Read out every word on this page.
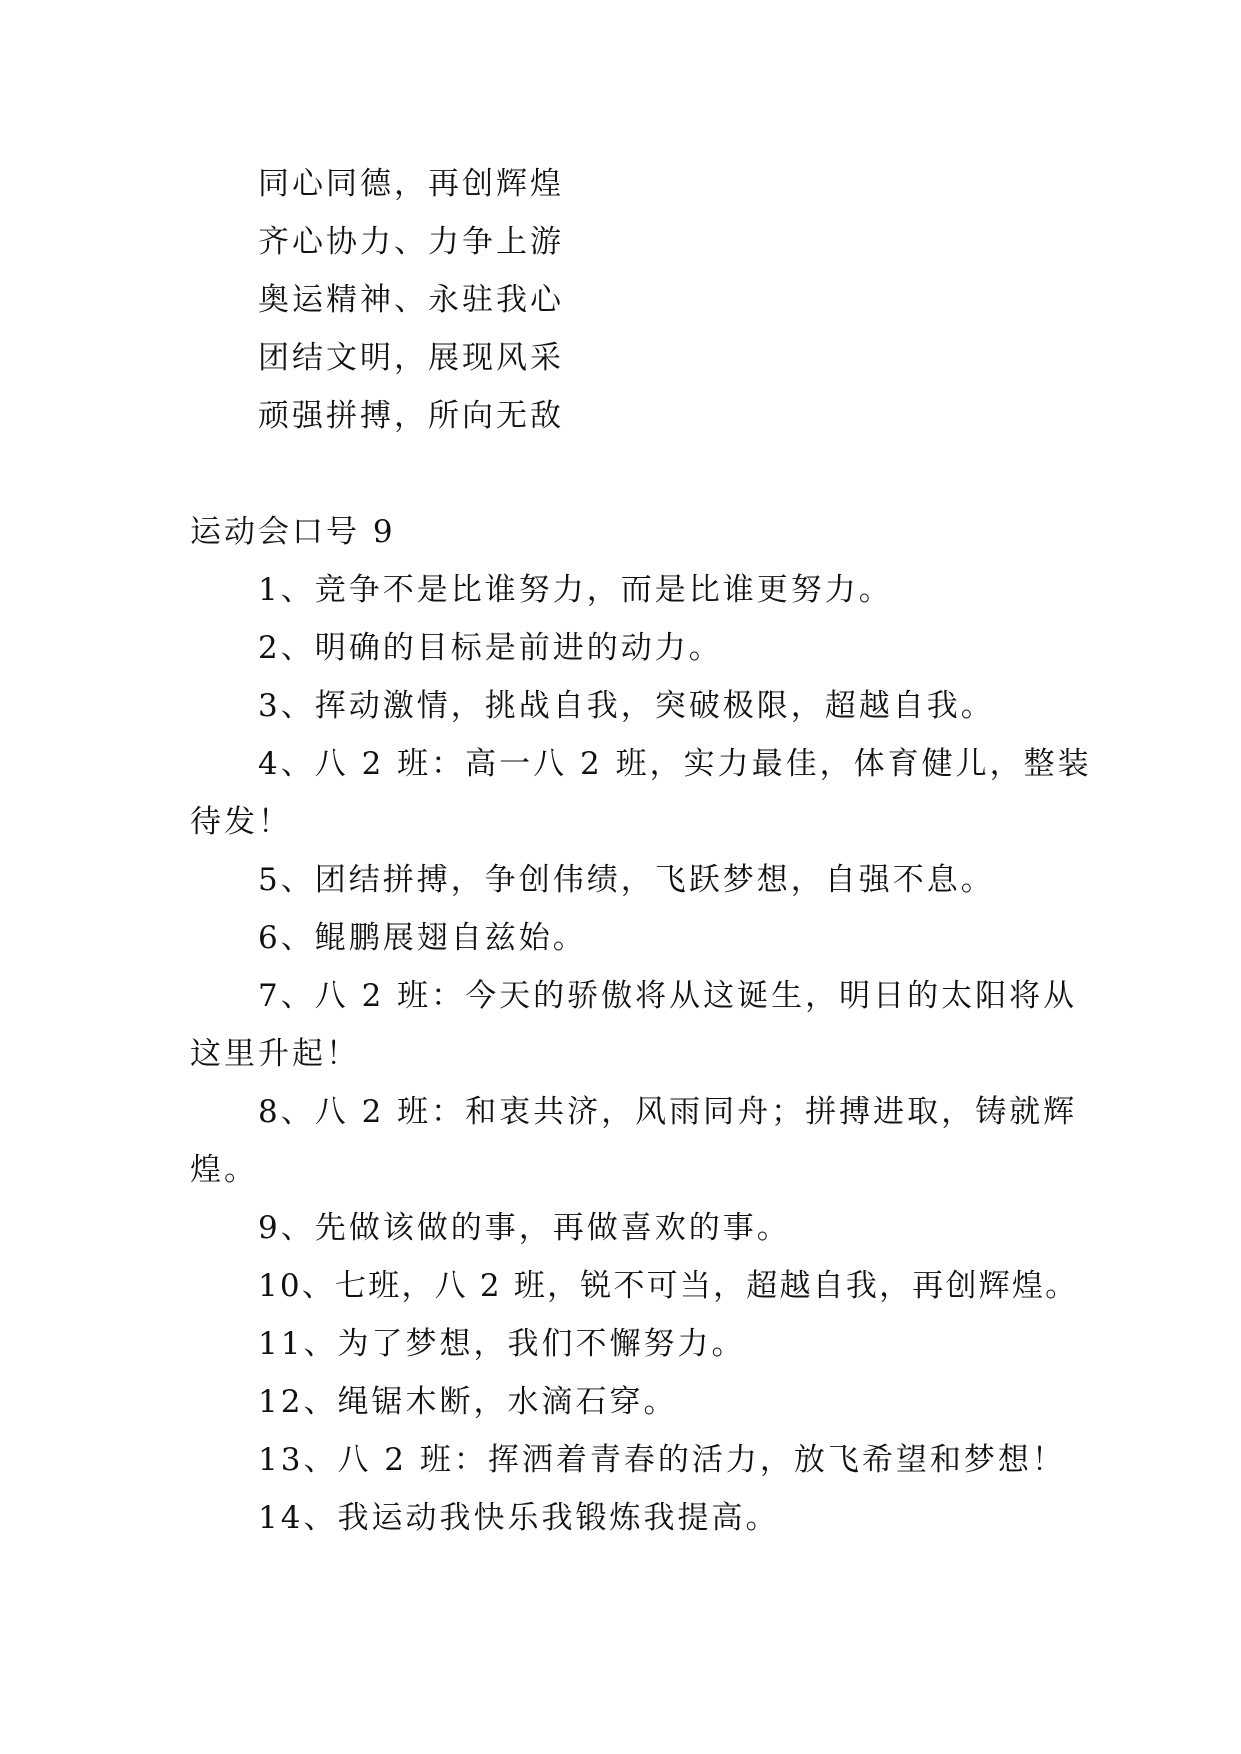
同心同德，再创辉煌
齐心协力、力争上游
奥运精神、永驻我心
团结文明，展现风采
顽强拼搏，所向无敌
运动会口号 9
1、竞争不是比谁努力，而是比谁更努力。
2、明确的目标是前进的动力。
3、挥动激情，挑战自我，突破极限，超越自我。
4、八 2 班：高一八 2 班，实力最佳，体育健儿，整装
待发！
5、团结拼搏，争创伟绩，飞跃梦想，自强不息。
6、鲲鹏展翅自兹始。
7、八 2 班：今天的骄傲将从这诞生，明日的太阳将从
这里升起！
8、八 2 班：和衷共济，风雨同舟；拼搏进取，铸就辉
煌。
9、先做该做的事，再做喜欢的事。
10、七班，八 2 班，锐不可当，超越自我，再创辉煌。
11、为了梦想，我们不懈努力。
12、绳锯木断，水滴石穿。
13、八 2 班：挥洒着青春的活力，放飞希望和梦想！
14、我运动我快乐我锻炼我提高。
